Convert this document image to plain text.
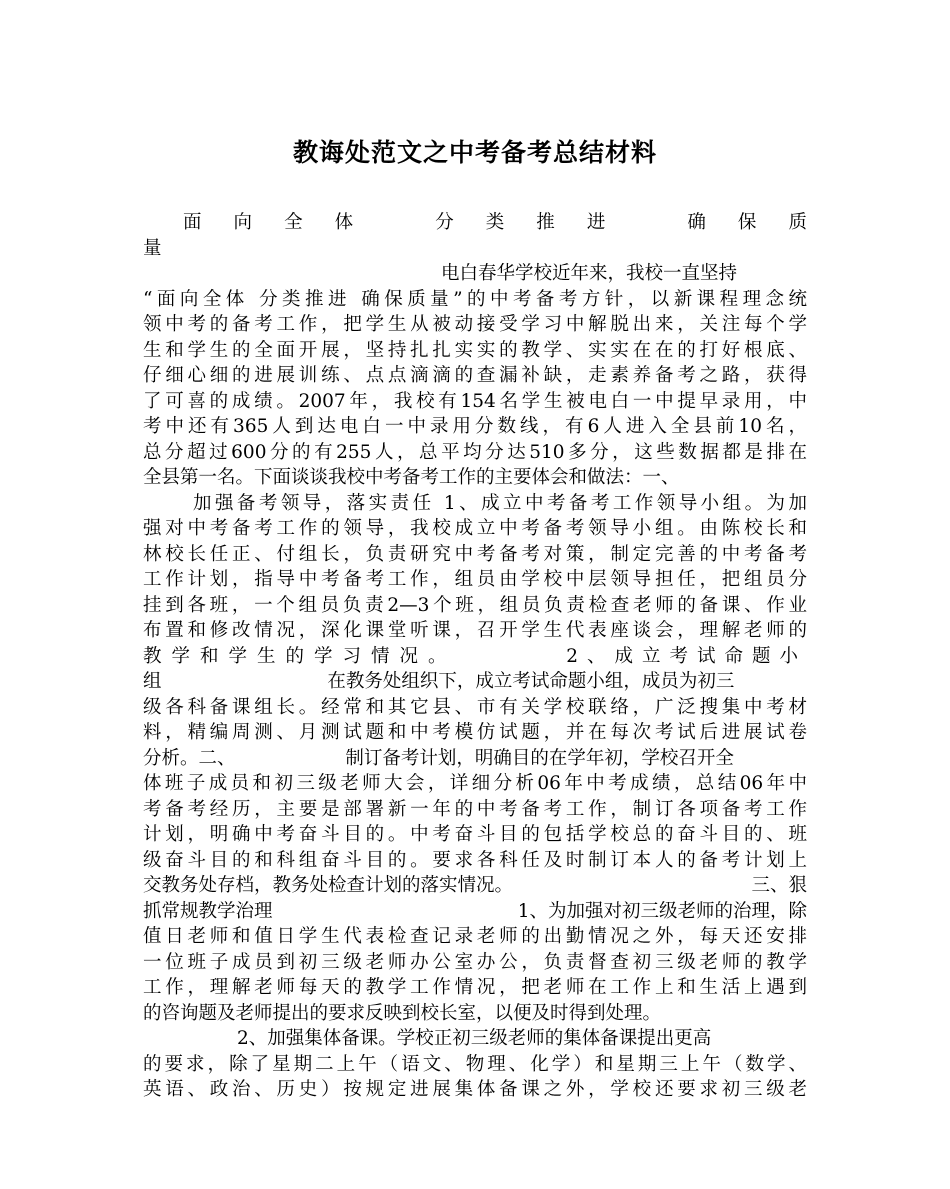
教诲处范文之中考备考总结材料
面 向 全 体	分 类 推 进	确 保 质
量
电白春华学校近年来，我校一直坚持
“面向全体 分类推进 确保质量”的中考备考方针，以新课程理念统
领中考的备考工作，把学生从被动接受学习中解脱出来，关注每个学
生和学生的全面开展，坚持扎扎实实的教学、实实在在的打好根底、
仔细心细的进展训练、点点滴滴的查漏补缺，走素养备考之路，获得
了可喜的成绩。2007年，我校有154名学生被电白一中提早录用，中
考中还有365人到达电白一中录用分数线，有6人进入全县前10名，
总分超过600分的有255人，总平均分达510多分，这些数据都是排在
全县第一名。下面谈谈我校中考备考工作的主要体会和做法：一、
加强备考领导，落实责任 1、成立中考备考工作领导小组。为加
强对中考备考工作的领导，我校成立中考备考领导小组。由陈校长和
林校长任正、付组长，负责研究中考备考对策，制定完善的中考备考
工作计划，指导中考备考工作，组员由学校中层领导担任，把组员分
挂到各班，一个组员负责2—3个班，组员负责检查老师的备课、作业
布置和修改情况，深化课堂听课，召开学生代表座谈会，理解老师的
教学和学生的学习情况。	2、成立考试命题小
组	在教务处组织下，成立考试命题小组，成员为初三
级各科备课组长。经常和其它县、市有关学校联络，广泛搜集中考材
料，精编周测、月测试题和中考模仿试题，并在每次考试后进展试卷
分析。二、	制订备考计划，明确目的在学年初，学校召开全
体班子成员和初三级老师大会，详细分析06年中考成绩，总结06年中
考备考经历，主要是部署新一年的中考备考工作，制订各项备考工作
计划，明确中考奋斗目的。中考奋斗目的包括学校总的奋斗目的、班
级奋斗目的和科组奋斗目的。要求各科任及时制订本人的备考计划上
交教务处存档，教务处检查计划的落实情况。	三、狠
抓常规教学治理	1、为加强对初三级老师的治理，除
值日老师和值日学生代表检查记录老师的出勤情况之外，每天还安排
一位班子成员到初三级老师办公室办公，负责督查初三级老师的教学
工作，理解老师每天的教学工作情况，把老师在工作上和生活上遇到
的咨询题及老师提出的要求反映到校长室，以便及时得到处理。
2、加强集体备课。学校正初三级老师的集体备课提出更高
的要求，除了星期二上午（语文、物理、化学）和星期三上午（数学、
英语、政治、历史）按规定进展集体备课之外，学校还要求初三级老
